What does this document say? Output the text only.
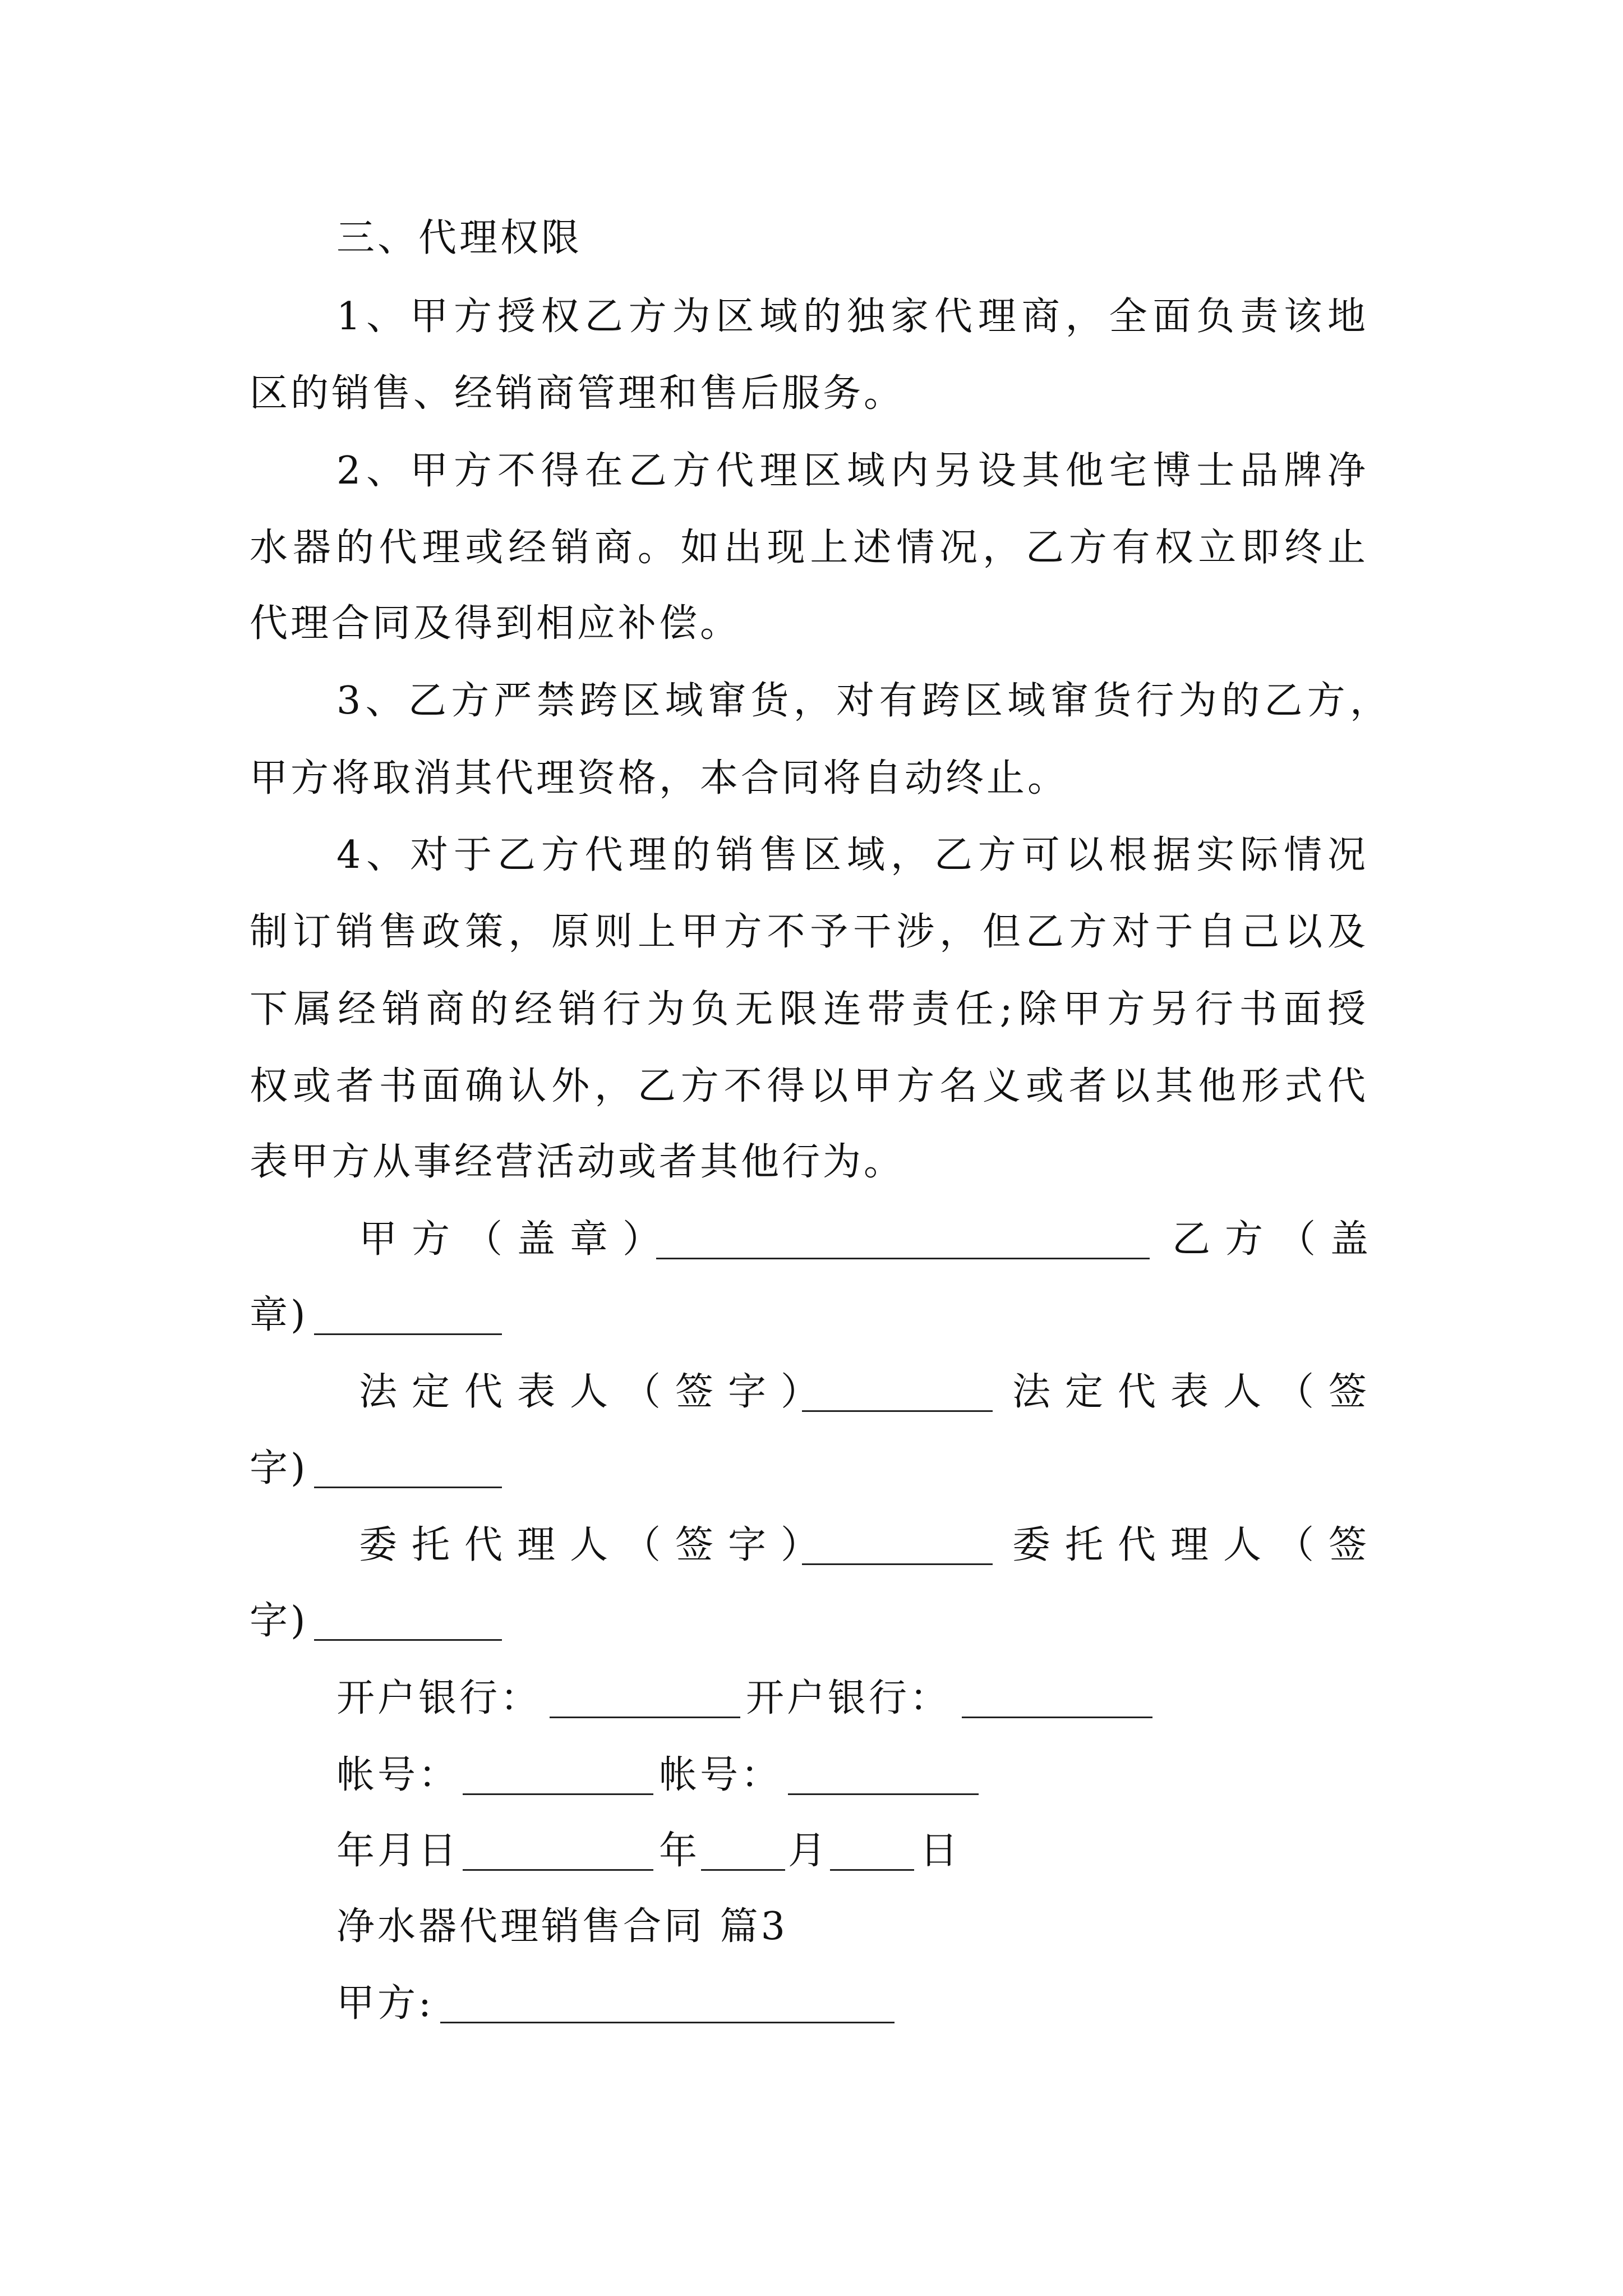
三、代理权限
1、甲方授权乙方为区域的独家代理商，全面负责该地
区的销售、经销商管理和售后服务。
2、甲方不得在乙方代理区域内另设其他宅博士品牌净
水器的代理或经销商。如出现上述情况，乙方有权立即终止
代理合同及得到相应补偿。
3、乙方严禁跨区域窜货，对有跨区域窜货行为的乙方，
甲方将取消其代理资格，本合同将自动终止。
4、对于乙方代理的销售区域，乙方可以根据实际情况
制订销售政策，原则上甲方不予干涉，但乙方对于自己以及
下属经销商的经销行为负无限连带责任;除甲方另行书面授
权或者书面确认外，乙方不得以甲方名义或者以其他形式代
表甲方从事经营活动或者其他行为。
甲方（盖章）	乙方（盖
章)
法定代表人（签字）	法定代表人（签
字)
委托代理人（签字）	委托代理人（签
字)
开户银行：	开户银行：
帐号：	帐号：
年月日	年 月 日
净水器代理销售合同 篇3
甲方:
